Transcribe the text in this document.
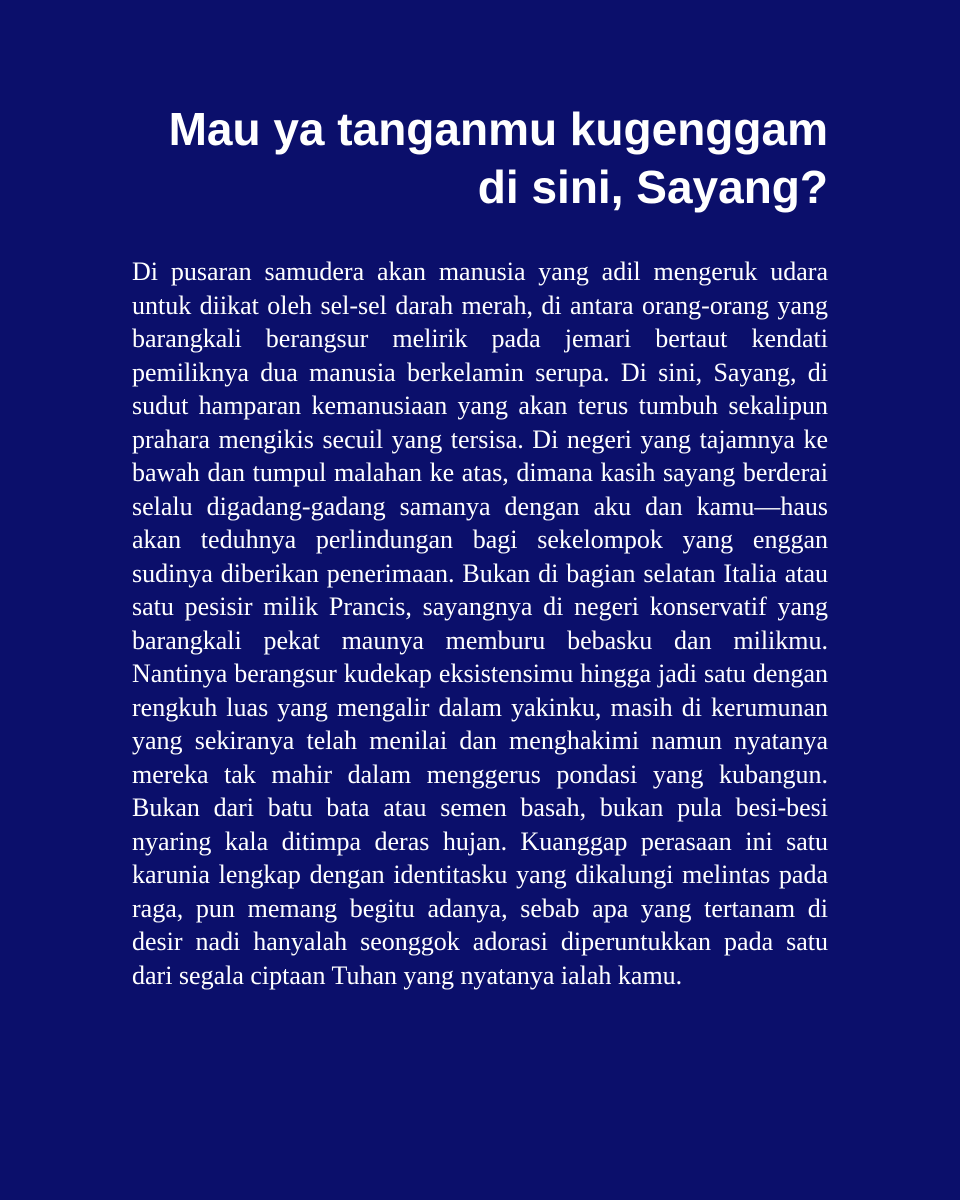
Mau ya tanganmu kugenggam
di sini, Sayang?

Di pusaran samudera akan manusia yang adil mengeruk udara untuk diikat oleh sel-sel darah merah, di antara orang-orang yang barangkali berangsur melirik pada jemari bertaut kendati pemiliknya dua manusia berkelamin serupa. Di sini, Sayang, di sudut hamparan kemanusiaan yang akan terus tumbuh sekalipun prahara mengikis secuil yang tersisa. Di negeri yang tajamnya ke bawah dan tumpul malahan ke atas, dimana kasih sayang berderai selalu digadang-gadang samanya dengan aku dan kamu—haus akan teduhnya perlindungan bagi sekelompok yang enggan sudinya diberikan penerimaan. Bukan di bagian selatan Italia atau satu pesisir milik Prancis, sayangnya di negeri konservatif yang barangkali pekat maunya memburu bebasku dan milikmu. Nantinya berangsur kudekap eksistensimu hingga jadi satu dengan rengkuh luas yang mengalir dalam yakinku, masih di kerumunan yang sekiranya telah menilai dan menghakimi namun nyatanya mereka tak mahir dalam menggerus pondasi yang kubangun. Bukan dari batu bata atau semen basah, bukan pula besi-besi nyaring kala ditimpa deras hujan. Kuanggap perasaan ini satu karunia lengkap dengan identitasku yang dikalungi melintas pada raga, pun memang begitu adanya, sebab apa yang tertanam di desir nadi hanyalah seonggok adorasi diperuntukkan pada satu dari segala ciptaan Tuhan yang nyatanya ialah kamu.
